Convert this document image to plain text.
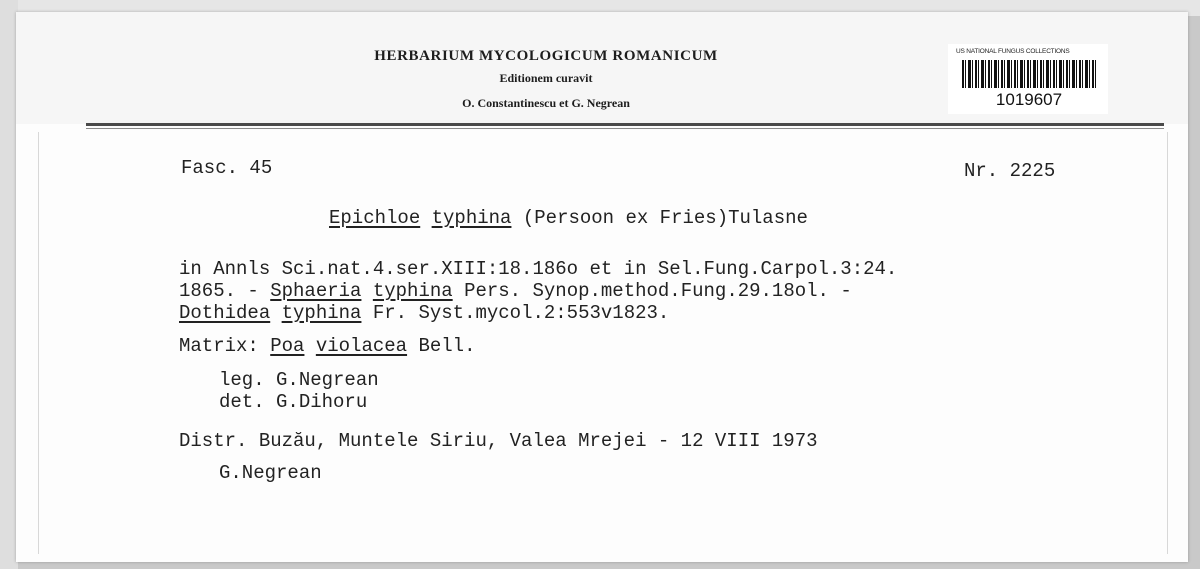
HERBARIUM MYCOLOGICUM ROMANICUM
Editionem curavit
O. Constantinescu et G. Negrean
US NATIONAL FUNGUS COLLECTIONS
1019607
Fasc. 45	Nr. 2225
Epichloe typhina (Persoon ex Fries)Tulasne
in Annls Sci.nat.4.ser.XIII:18.186o et in Sel.Fung.Carpol.3:24.
1865. - Sphaeria typhina Pers. Synop.method.Fung.29.18ol. -
Dothidea typhina Fr. Syst.mycol.2:553v1823.
Matrix: Poa violacea Bell.
leg. G.Negrean
det. G.Dihoru
Distr. Buzău, Muntele Siriu, Valea Mrejei - 12 VIII 1973
G.Negrean
